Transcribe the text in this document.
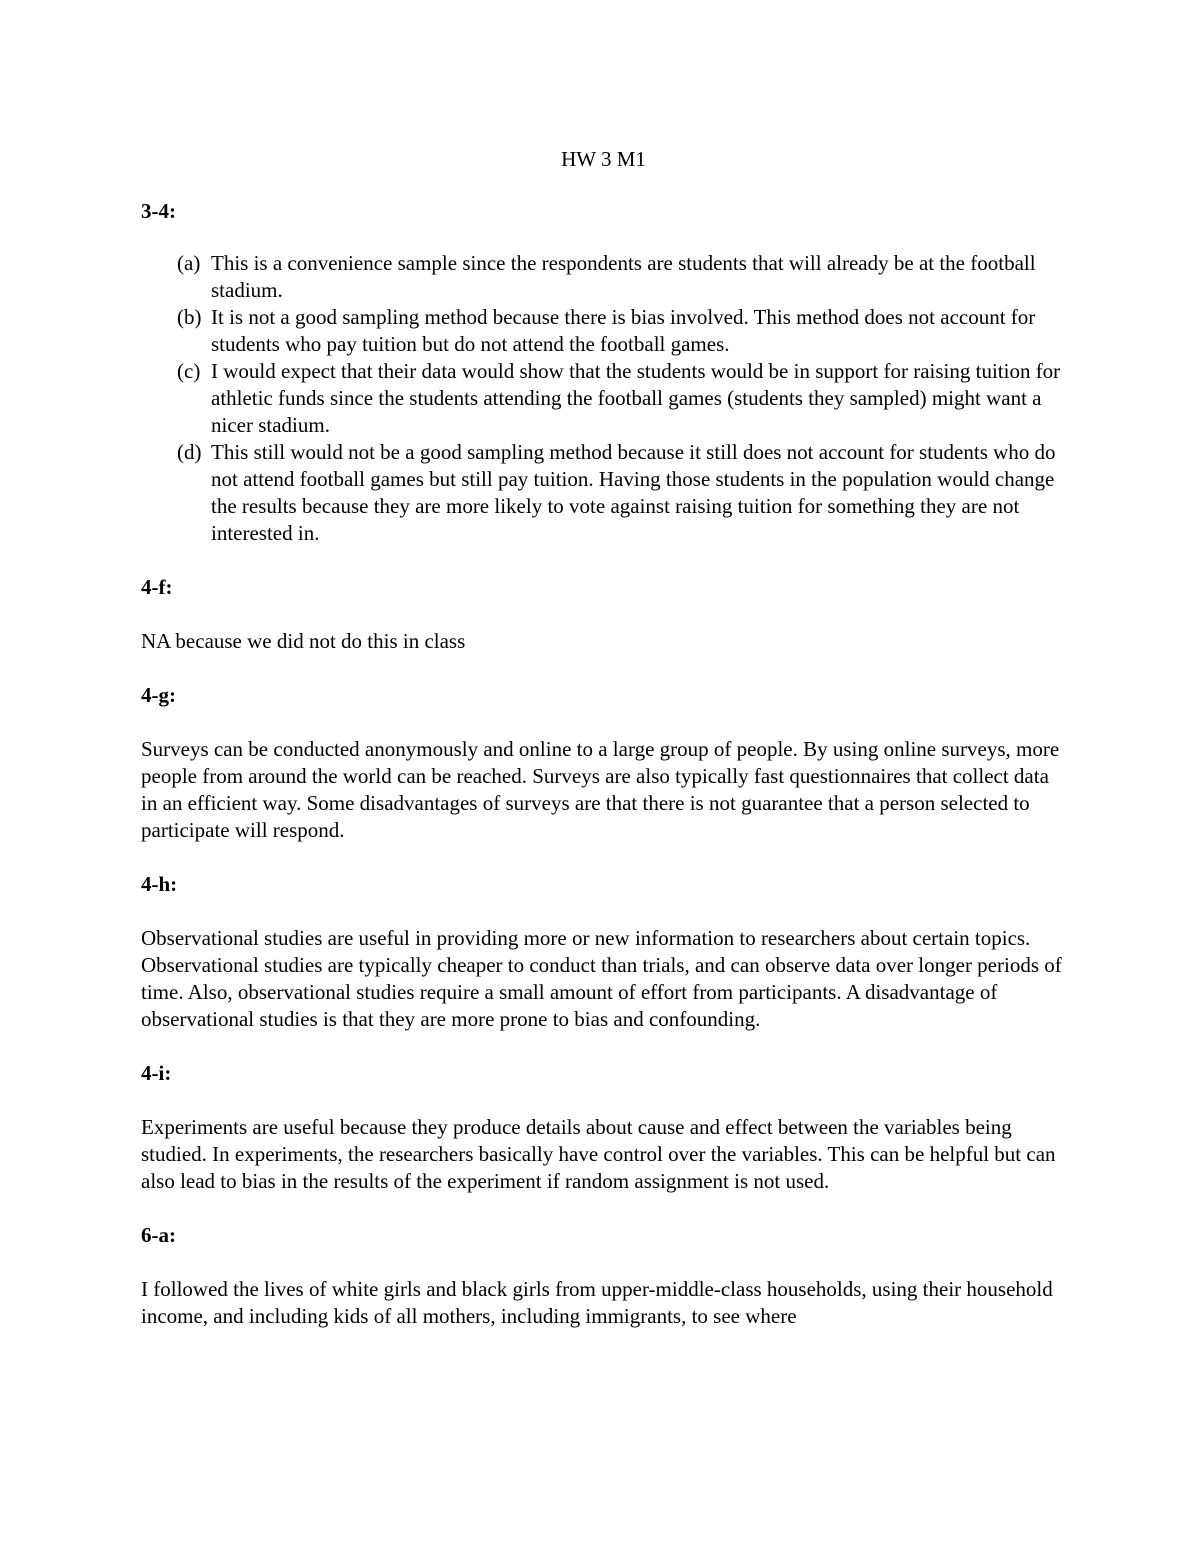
HW 3 M1
3-4:
(a) This is a convenience sample since the respondents are students that will already be at the football stadium.
(b) It is not a good sampling method because there is bias involved. This method does not account for students who pay tuition but do not attend the football games.
(c) I would expect that their data would show that the students would be in support for raising tuition for athletic funds since the students attending the football games (students they sampled) might want a nicer stadium.
(d) This still would not be a good sampling method because it still does not account for students who do not attend football games but still pay tuition. Having those students in the population would change the results because they are more likely to vote against raising tuition for something they are not interested in.
4-f:

NA because we did not do this in class

4-g:

Surveys can be conducted anonymously and online to a large group of people. By using online surveys, more people from around the world can be reached. Surveys are also typically fast questionnaires that collect data in an efficient way. Some disadvantages of surveys are that there is not guarantee that a person selected to participate will respond.

4-h:

Observational studies are useful in providing more or new information to researchers about certain topics. Observational studies are typically cheaper to conduct than trials, and can observe data over longer periods of time. Also, observational studies require a small amount of effort from participants. A disadvantage of observational studies is that they are more prone to bias and confounding.

4-i:

Experiments are useful because they produce details about cause and effect between the variables being studied. In experiments, the researchers basically have control over the variables. This can be helpful but can also lead to bias in the results of the experiment if random assignment is not used.

6-a:

I followed the lives of white girls and black girls from upper-middle-class households, using their household income, and including kids of all mothers, including immigrants, to see where
